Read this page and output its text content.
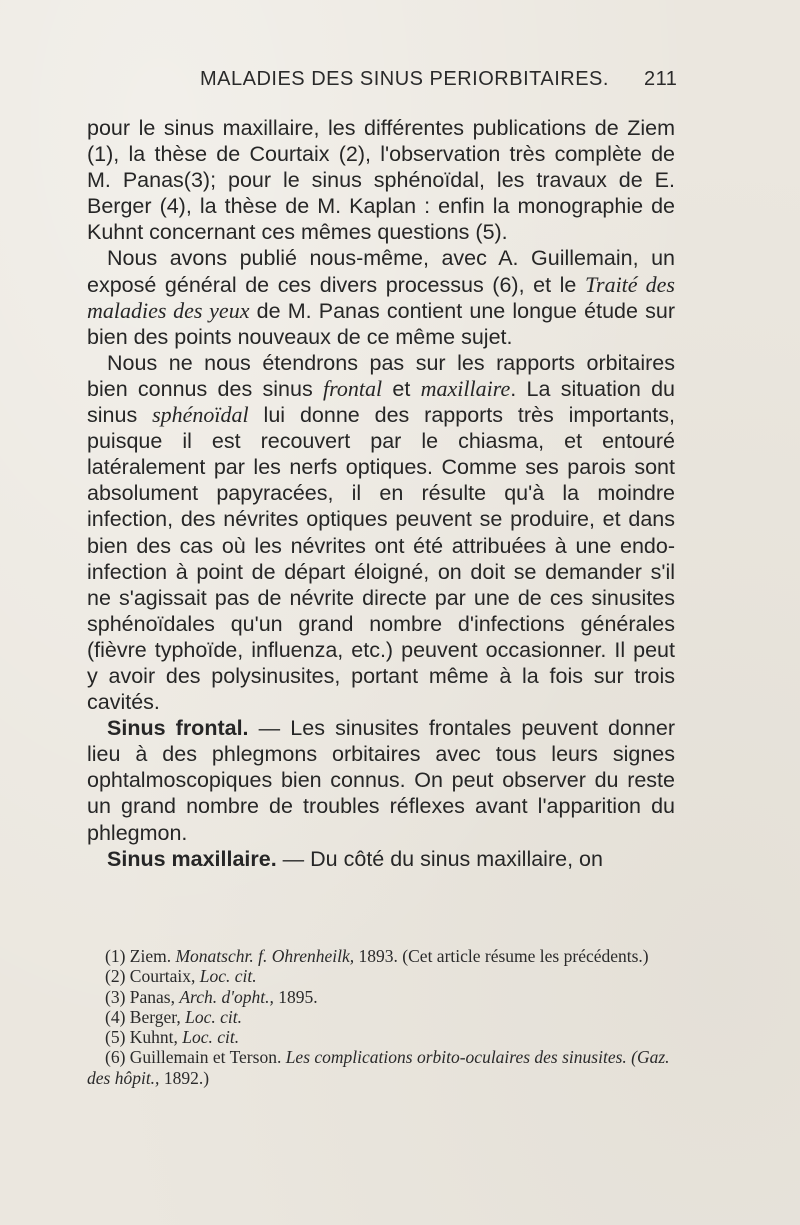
MALADIES DES SINUS PERIORBITAIRES. 211

pour le sinus maxillaire, les différentes publications de Ziem (1), la thèse de Courtaix (2), l'observation très complète de M. Panas(3); pour le sinus sphénoïdal, les travaux de E. Berger (4), la thèse de M. Kaplan : enfin la monographie de Kuhnt concernant ces mêmes questions (5).

Nous avons publié nous-même, avec A. Guillemain, un exposé général de ces divers processus (6), et le Traité des maladies des yeux de M. Panas contient une longue étude sur bien des points nouveaux de ce même sujet.

Nous ne nous étendrons pas sur les rapports orbitaires bien connus des sinus frontal et maxillaire. La situation du sinus sphénoïdal lui donne des rapports très importants, puisque il est recouvert par le chiasma, et entouré latéralement par les nerfs optiques. Comme ses parois sont absolument papyracées, il en résulte qu'à la moindre infection, des névrites optiques peuvent se produire, et dans bien des cas où les névrites ont été attribuées à une endo-infection à point de départ éloigné, on doit se demander s'il ne s'agissait pas de névrite directe par une de ces sinusites sphénoïdales qu'un grand nombre d'infections générales (fièvre typhoïde, influenza, etc.) peuvent occasionner. Il peut y avoir des polysinusites, portant même à la fois sur trois cavités.

Sinus frontal. — Les sinusites frontales peuvent donner lieu à des phlegmons orbitaires avec tous leurs signes ophtalmoscopiques bien connus. On peut observer du reste un grand nombre de troubles réflexes avant l'apparition du phlegmon.

Sinus maxillaire. — Du côté du sinus maxillaire, on

(1) Ziem. Monatschr. f. Ohrenheilk, 1893. (Cet article résume les précédents.)

(2) Courtaix, Loc. cit.

(3) Panas, Arch. d'opht., 1895.

(4) Berger, Loc. cit.

(5) Kuhnt, Loc. cit.

(6) Guillemain et Terson. Les complications orbito-oculaires des sinusites. (Gaz. des hôpit., 1892.)
